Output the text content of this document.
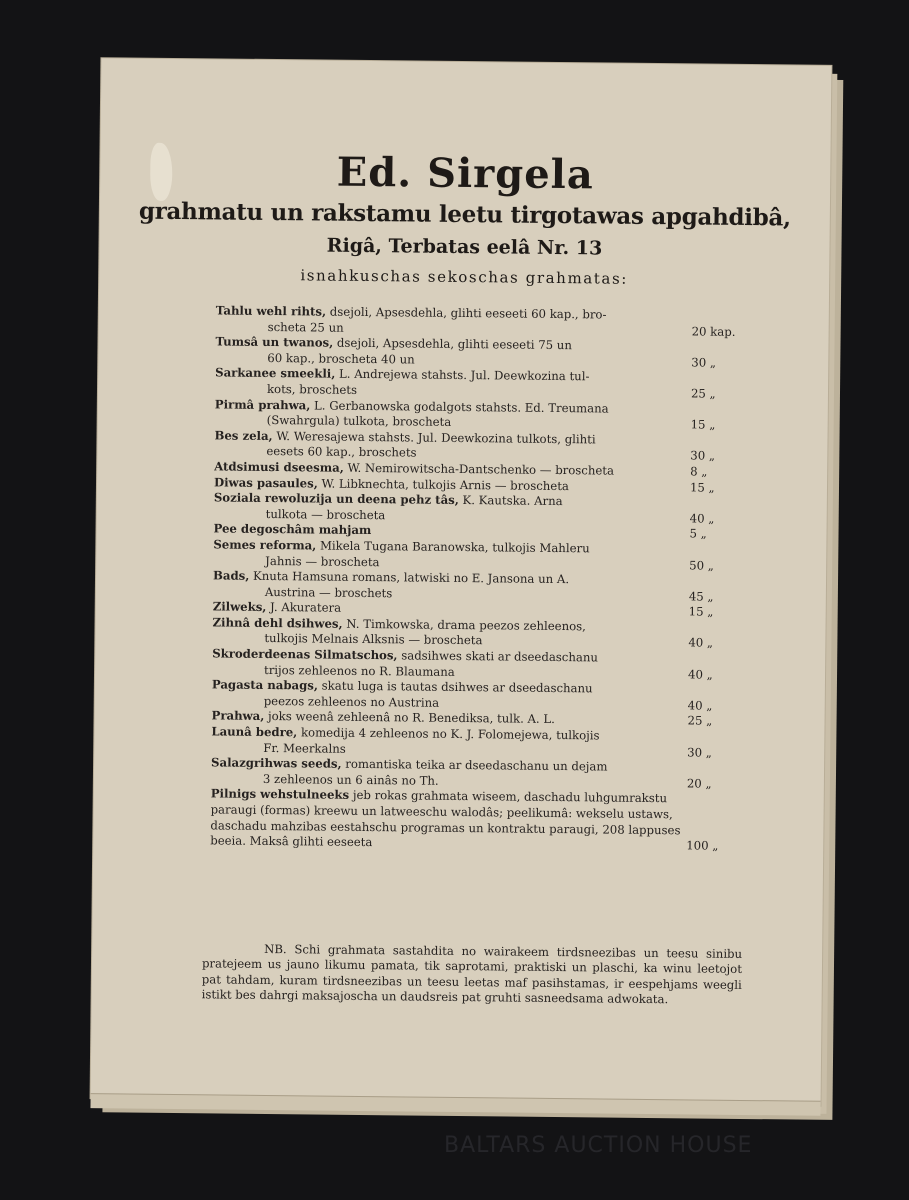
Ed. Sirgela
grahmatu un rakstamu leetu tirgotawas apgahdibâ,
Rigâ, Terbatas eelâ Nr. 13
isnahkuschas sekoschas grahmatas:
Tahlu wehl rihts, dsejoli, Apsesdehla, glihti eeseeti 60 kap., bro-
scheta 25 un	20 kap.
Tumsâ un twanos, dsejoli, Apsesdehla, glihti eeseeti 75 un
60 kap., broscheta 40 un	30 „
Sarkanee smeekli, L. Andrejewa stahsts. Jul. Deewkozina tul-
kots, broschets	25 „
Pirmâ prahwa, L. Gerbanowska godalgots stahsts. Ed. Treumana
(Swahrgula) tulkota, broscheta	15 „
Bes zela, W. Weresajewa stahsts. Jul. Deewkozina tulkots, glihti
eesets 60 kap., broschets	30 „
Atdsimusi dseesma, W. Nemirowitscha-Dantschenko — broscheta	8 „
Diwas pasaules, W. Libknechta, tulkojis Arnis — broscheta	15 „
Soziala rewoluzija un deena pehz tâs, K. Kautska. Arna
tulkota — broscheta	40 „
Pee degoschâm mahjam	5 „
Semes reforma, Mikela Tugana Baranowska, tulkojis Mahleru
Jahnis — broscheta	50 „
Bads, Knuta Hamsuna romans, latwiski no E. Jansona un A.
Austrina — broschets	45 „
Zilweks, J. Akuratera	15 „
Zihnâ dehl dsihwes, N. Timkowska, drama peezos zehleenos,
tulkojis Melnais Alksnis — broscheta	40 „
Skroderdeenas Silmatschos, sadsihwes skati ar dseedaschanu
trijos zehleenos no R. Blaumana	40 „
Pagasta nabags, skatu luga is tautas dsihwes ar dseedaschanu
peezos zehleenos no Austrina	40 „
Prahwa, joks weenâ zehleenâ no R. Benediksa, tulk. A. L.	25 „
Launâ bedre, komedija 4 zehleenos no K. J. Folomejewa, tulkojis
Fr. Meerkalns	30 „
Salazgrihwas seeds, romantiska teika ar dseedaschanu un dejam
3 zehleenos un 6 ainâs no Th.	20 „
Pilnigs wehstulneeks jeb rokas grahmata wiseem, daschadu luhgumrakstu paraugi (formas) kreewu un latweeschu walodâs; peelikumâ: wekselu ustaws, daschadu mahzibas eestahschu programas un kontraktu paraugi, 208 lappuses beeia. Maksâ glihti eeseeta	100 „
NB. Schi grahmata sastahdita no wairakeem tirdsneezibas un teesu sinibu pratejeem us jauno likumu pamata, tik saprotami, praktiski un plaschi, ka winu leetojot pat tahdam, kuram tirdsneezibas un teesu leetas maf pasihstamas, ir eespehjams weegli istikt bes dahrgi maksajoscha un daudsreis pat gruhti sasneedsama adwokata.
BALTARS AUCTION HOUSE
